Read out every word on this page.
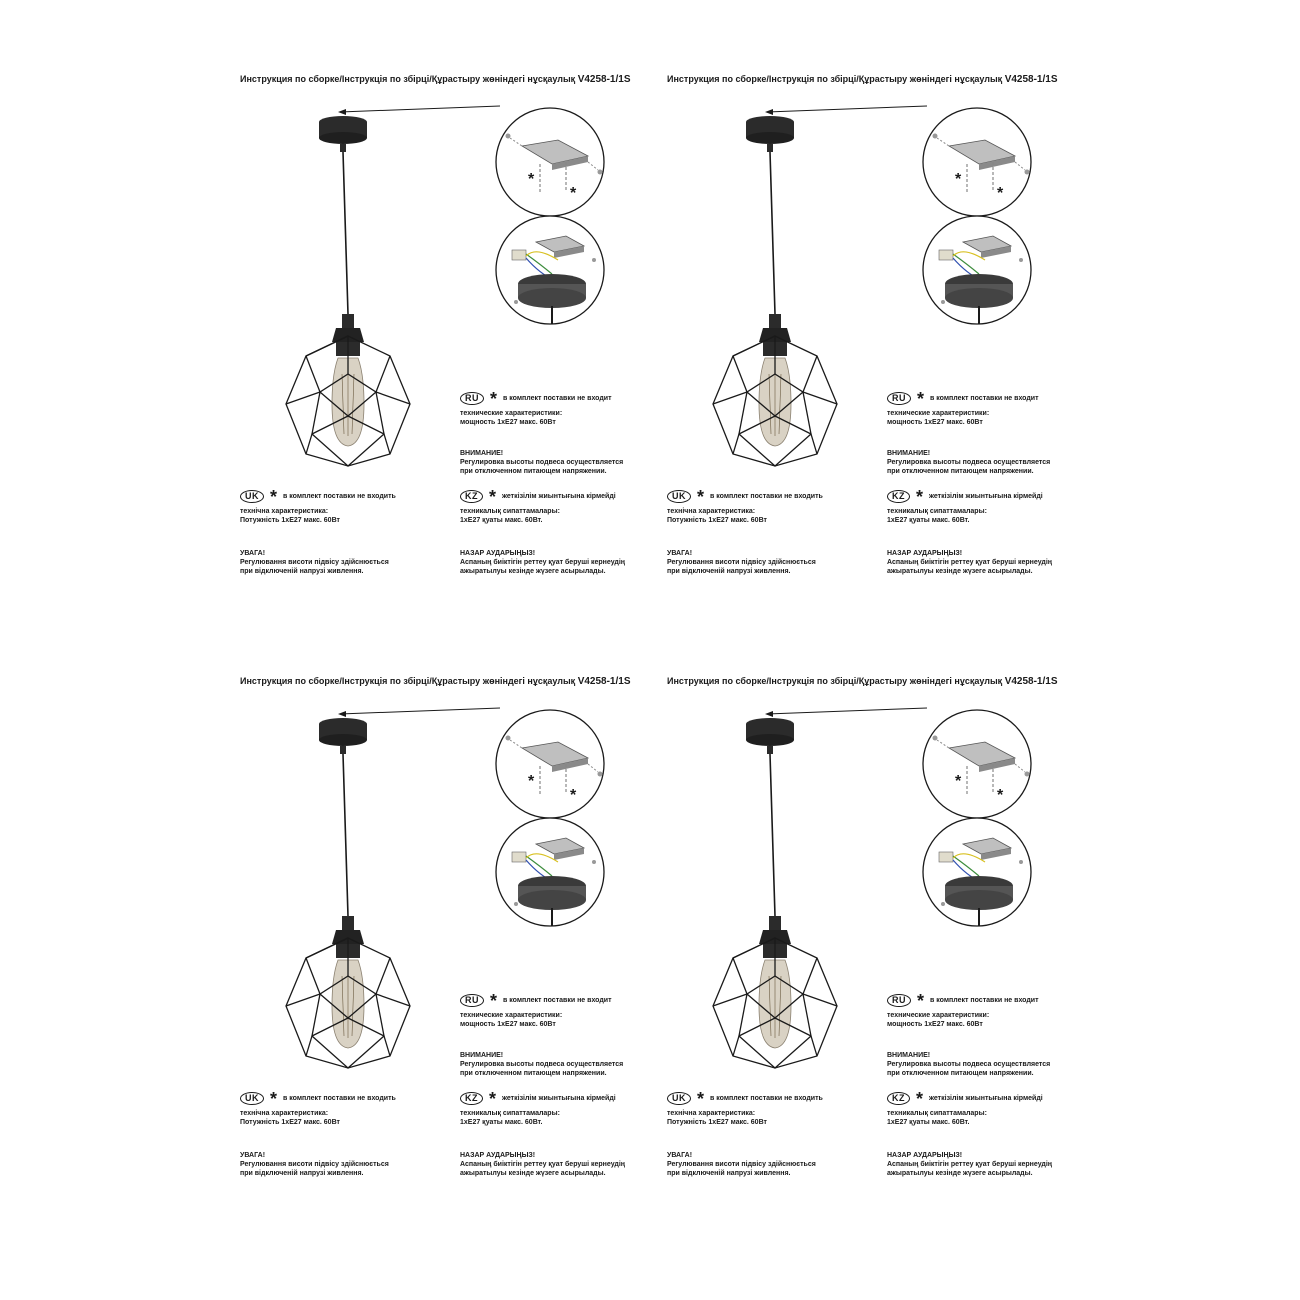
Инструкция по сборке/Інструкція по збірці/Құрастыру жөніндегі нұсқаулық V4258-1/1S
*
*
RU * в комплект поставки не входит
технические характеристики:
мощность 1xE27 макс. 60Вт
ВНИМАНИЕ!
Регулировка высоты подвеса осуществляется
при отключенном питающем напряжении.
UK * в комплект поставки не входить
технічна характеристика:
Потужність 1xE27 макс. 60Вт
УВАГА!
Регулювання висоти підвісу здійснюється
при відключеній напрузі живлення.
KZ * жеткізілім жиынтығына кірмейді
техникалық сипаттамалары:
1xE27 қуаты макс. 60Вт.
НАЗАР АУДАРЫҢЫЗ!
Аспаның биіктігін реттеу қуат беруші кернеудің
ажыратылуы кезінде жүзеге асырылады.
Инструкция по сборке/Інструкція по збірці/Құрастыру жөніндегі нұсқаулық V4258-1/1S
*
*
RU * в комплект поставки не входит
технические характеристики:
мощность 1xE27 макс. 60Вт
ВНИМАНИЕ!
Регулировка высоты подвеса осуществляется
при отключенном питающем напряжении.
UK * в комплект поставки не входить
технічна характеристика:
Потужність 1xE27 макс. 60Вт
УВАГА!
Регулювання висоти підвісу здійснюється
при відключеній напрузі живлення.
KZ * жеткізілім жиынтығына кірмейді
техникалық сипаттамалары:
1xE27 қуаты макс. 60Вт.
НАЗАР АУДАРЫҢЫЗ!
Аспаның биіктігін реттеу қуат беруші кернеудің
ажыратылуы кезінде жүзеге асырылады.
Инструкция по сборке/Інструкція по збірці/Құрастыру жөніндегі нұсқаулық V4258-1/1S
*
*
RU * в комплект поставки не входит
технические характеристики:
мощность 1xE27 макс. 60Вт
ВНИМАНИЕ!
Регулировка высоты подвеса осуществляется
при отключенном питающем напряжении.
UK * в комплект поставки не входить
технічна характеристика:
Потужність 1xE27 макс. 60Вт
УВАГА!
Регулювання висоти підвісу здійснюється
при відключеній напрузі живлення.
KZ * жеткізілім жиынтығына кірмейді
техникалық сипаттамалары:
1xE27 қуаты макс. 60Вт.
НАЗАР АУДАРЫҢЫЗ!
Аспаның биіктігін реттеу қуат беруші кернеудің
ажыратылуы кезінде жүзеге асырылады.
Инструкция по сборке/Інструкція по збірці/Құрастыру жөніндегі нұсқаулық V4258-1/1S
*
*
RU * в комплект поставки не входит
технические характеристики:
мощность 1xE27 макс. 60Вт
ВНИМАНИЕ!
Регулировка высоты подвеса осуществляется
при отключенном питающем напряжении.
UK * в комплект поставки не входить
технічна характеристика:
Потужність 1xE27 макс. 60Вт
УВАГА!
Регулювання висоти підвісу здійснюється
при відключеній напрузі живлення.
KZ * жеткізілім жиынтығына кірмейді
техникалық сипаттамалары:
1xE27 қуаты макс. 60Вт.
НАЗАР АУДАРЫҢЫЗ!
Аспаның биіктігін реттеу қуат беруші кернеудің
ажыратылуы кезінде жүзеге асырылады.
